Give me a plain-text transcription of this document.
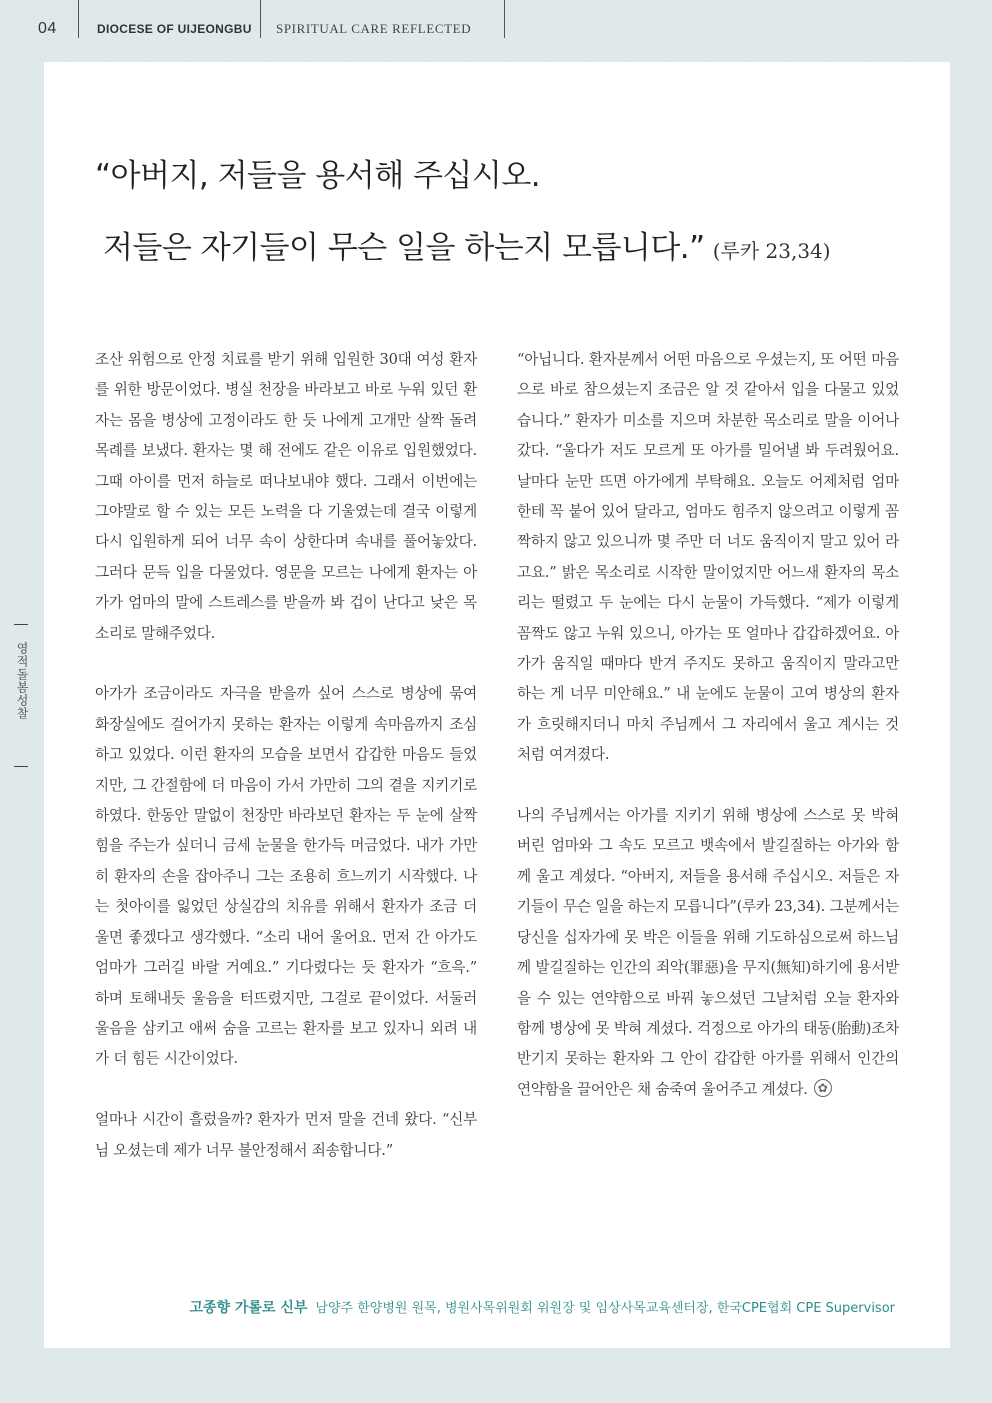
04	DIOCESE OF UIJEONGBU SPIRITUAL CARE REFLECTED
영적돌봄성찰
“아버지, 저들을 용서해 주십시오.
저들은 자기들이 무슨 일을 하는지 모릅니다.” (루카 23,34)

조산 위험으로 안정 치료를 받기 위해 입원한 30대 여성 환자를 위한 방문이었다. 병실 천장을 바라보고 바로 누워 있던 환자는 몸을 병상에 고정이라도 한 듯 나에게 고개만 살짝 돌려 목례를 보냈다. 환자는 몇 해 전에도 같은 이유로 입원했었다. 그때 아이를 먼저 하늘로 떠나보내야 했다. 그래서 이번에는 그야말로 할 수 있는 모든 노력을 다 기울였는데 결국 이렇게 다시 입원하게 되어 너무 속이 상한다며 속내를 풀어놓았다. 그러다 문득 입을 다물었다. 영문을 모르는 나에게 환자는 아가가 엄마의 말에 스트레스를 받을까 봐 겁이 난다고 낮은 목소리로 말해주었다.

아가가 조금이라도 자극을 받을까 싶어 스스로 병상에 묶여 화장실에도 걸어가지 못하는 환자는 이렇게 속마음까지 조심하고 있었다. 이런 환자의 모습을 보면서 갑갑한 마음도 들었지만, 그 간절함에 더 마음이 가서 가만히 그의 곁을 지키기로 하였다. 한동안 말없이 천장만 바라보던 환자는 두 눈에 살짝 힘을 주는가 싶더니 금세 눈물을 한가득 머금었다. 내가 가만히 환자의 손을 잡아주니 그는 조용히 흐느끼기 시작했다. 나는 첫아이를 잃었던 상실감의 치유를 위해서 환자가 조금 더 울면 좋겠다고 생각했다. “소리 내어 울어요. 먼저 간 아가도 엄마가 그러길 바랄 거예요.” 기다렸다는 듯 환자가 “흐윽.” 하며 토해내듯 울음을 터뜨렸지만, 그걸로 끝이었다. 서둘러 울음을 삼키고 애써 숨을 고르는 환자를 보고 있자니 외려 내가 더 힘든 시간이었다.

얼마나 시간이 흘렀을까? 환자가 먼저 말을 건네 왔다. “신부님 오셨는데 제가 너무 불안정해서 죄송합니다.”

“아닙니다. 환자분께서 어떤 마음으로 우셨는지, 또 어떤 마음으로 바로 참으셨는지 조금은 알 것 같아서 입을 다물고 있었습니다.” 환자가 미소를 지으며 차분한 목소리로 말을 이어나갔다. “울다가 저도 모르게 또 아가를 밀어낼 봐 두려웠어요. 날마다 눈만 뜨면 아가에게 부탁해요. 오늘도 어제처럼 엄마한테 꼭 붙어 있어 달라고, 엄마도 힘주지 않으려고 이렇게 꼼짝하지 않고 있으니까 몇 주만 더 너도 움직이지 말고 있어 라고요.” 밝은 목소리로 시작한 말이었지만 어느새 환자의 목소리는 떨렸고 두 눈에는 다시 눈물이 가득했다. “제가 이렇게 꼼짝도 않고 누워 있으니, 아가는 또 얼마나 갑갑하겠어요. 아가가 움직일 때마다 반겨 주지도 못하고 움직이지 말라고만 하는 게 너무 미안해요.” 내 눈에도 눈물이 고여 병상의 환자가 흐릿해지더니 마치 주님께서 그 자리에서 울고 계시는 것처럼 여겨졌다.

나의 주님께서는 아가를 지키기 위해 병상에 스스로 못 박혀 버린 엄마와 그 속도 모르고 뱃속에서 발길질하는 아가와 함께 울고 계셨다. “아버지, 저들을 용서해 주십시오. 저들은 자기들이 무슨 일을 하는지 모릅니다”(루카 23,34). 그분께서는 당신을 십자가에 못 박은 이들을 위해 기도하심으로써 하느님께 발길질하는 인간의 죄악(罪惡)을 무지(無知)하기에 용서받을 수 있는 연약함으로 바꿔 놓으셨던 그날처럼 오늘 환자와 함께 병상에 못 박혀 계셨다. 걱정으로 아가의 태동(胎動)조차 반기지 못하는 환자와 그 안이 갑갑한 아가를 위해서 인간의 연약함을 끌어안은 채 숨죽여 울어주고 계셨다.✿

고종향 가롤로 신부 남양주 한양병원 원목, 병원사목위원회 위원장 및 임상사목교육센터장, 한국CPE협회 CPE Supervisor
